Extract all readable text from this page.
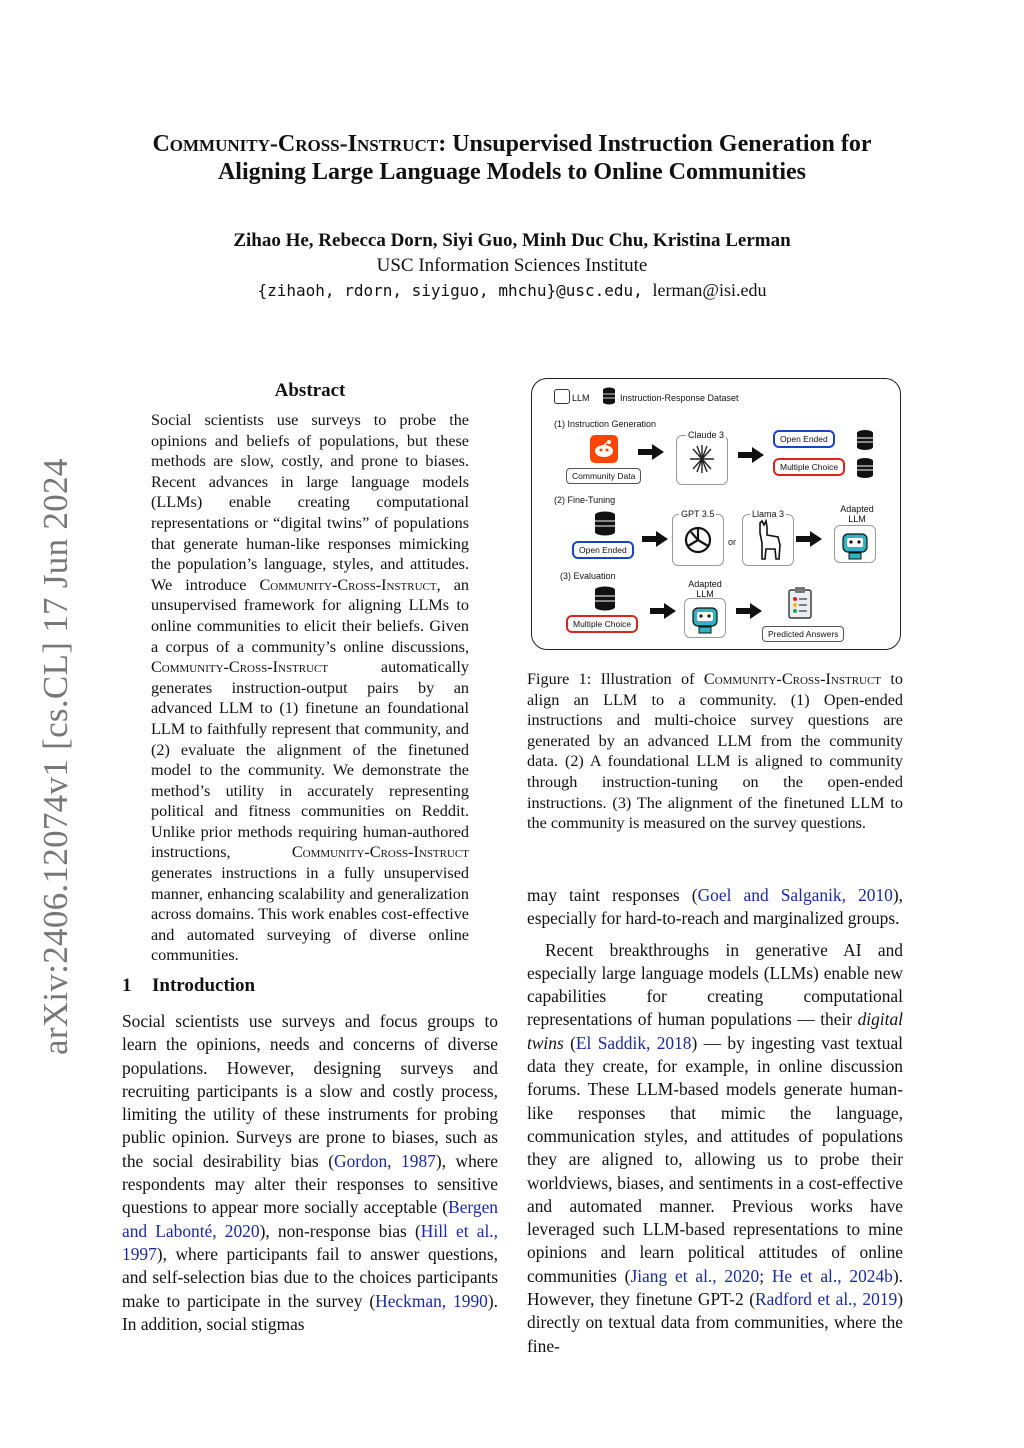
Community-Cross-Instruct: Unsupervised Instruction Generation for
Aligning Large Language Models to Online Communities
Zihao He, Rebecca Dorn, Siyi Guo, Minh Duc Chu, Kristina Lerman
USC Information Sciences Institute
{zihaoh, rdorn, siyiguo, mhchu}@usc.edu, lerman@isi.edu
arXiv:2406.12074v1 [cs.CL] 17 Jun 2024
Abstract
Social scientists use surveys to probe the opinions and beliefs of populations, but these methods are slow, costly, and prone to biases. Recent advances in large language models (LLMs) enable creating computational representations or “digital twins” of populations that generate human-like responses mimicking the population’s language, styles, and attitudes. We introduce Community-Cross-Instruct, an unsupervised framework for aligning LLMs to online communities to elicit their beliefs. Given a corpus of a community’s online discussions, Community-Cross-Instruct automatically generates instruction-output pairs by an advanced LLM to (1) finetune an foundational LLM to faithfully represent that community, and (2) evaluate the alignment of the finetuned model to the community. We demonstrate the method’s utility in accurately representing political and fitness communities on Reddit. Unlike prior methods requiring human-authored instructions, Community-Cross-Instruct generates instructions in a fully unsupervised manner, enhancing scalability and generalization across domains. This work enables cost-effective and automated surveying of diverse online communities.
1 Introduction

Social scientists use surveys and focus groups to learn the opinions, needs and concerns of diverse populations. However, designing surveys and recruiting participants is a slow and costly process, limiting the utility of these instruments for probing public opinion. Surveys are prone to biases, such as the social desirability bias (Gordon, 1987), where respondents may alter their responses to sensitive questions to appear more socially acceptable (Bergen and Labonté, 2020), non-response bias (Hill et al., 1997), where participants fail to answer questions, and self-selection bias due to the choices participants make to participate in the survey (Heckman, 1990). In addition, social stigmas

LLM	Instruction-Response Dataset
(1) Instruction Generation
Community Data
Claude 3	Open Ended
Multiple Choice
(2) Fine-Tuning
Open Ended
GPT 3.5
or
Llama 3	Adapted LLM
(3) Evaluation
Multiple Choice
Adapted LLM
Predicted Answers
Figure 1: Illustration of Community-Cross-Instruct to align an LLM to a community. (1) Open-ended instructions and multi-choice survey questions are generated by an advanced LLM from the community data. (2) A foundational LLM is aligned to community through instruction-tuning on the open-ended instructions. (3) The alignment of the finetuned LLM to the community is measured on the survey questions.

may taint responses (Goel and Salganik, 2010), especially for hard-to-reach and marginalized groups.

Recent breakthroughs in generative AI and especially large language models (LLMs) enable new capabilities for creating computational representations of human populations — their digital twins (El Saddik, 2018) — by ingesting vast textual data they create, for example, in online discussion forums. These LLM-based models generate human-like responses that mimic the language, communication styles, and attitudes of populations they are aligned to, allowing us to probe their worldviews, biases, and sentiments in a cost-effective and automated manner. Previous works have leveraged such LLM-based representations to mine opinions and learn political attitudes of online communities (Jiang et al., 2020; He et al., 2024b). However, they finetune GPT-2 (Radford et al., 2019) directly on textual data from communities, where the fine-
